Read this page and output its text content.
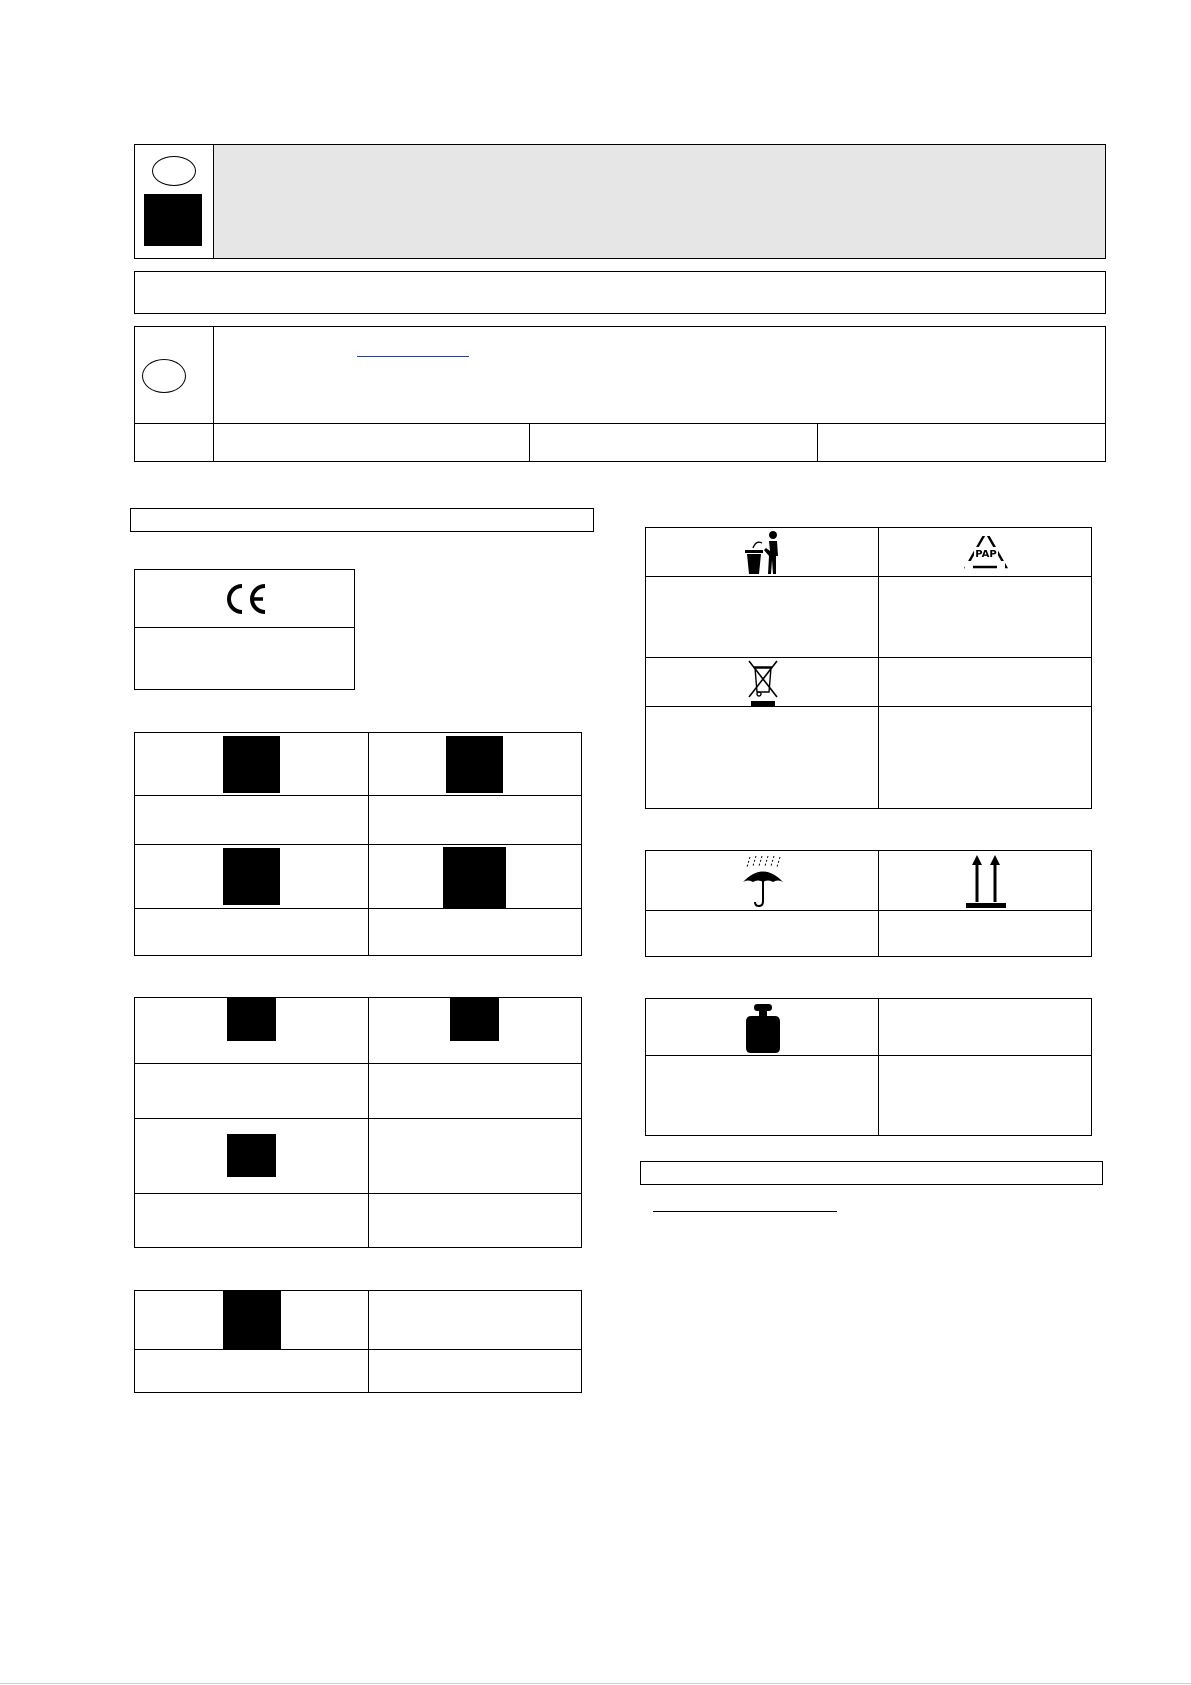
PAP
